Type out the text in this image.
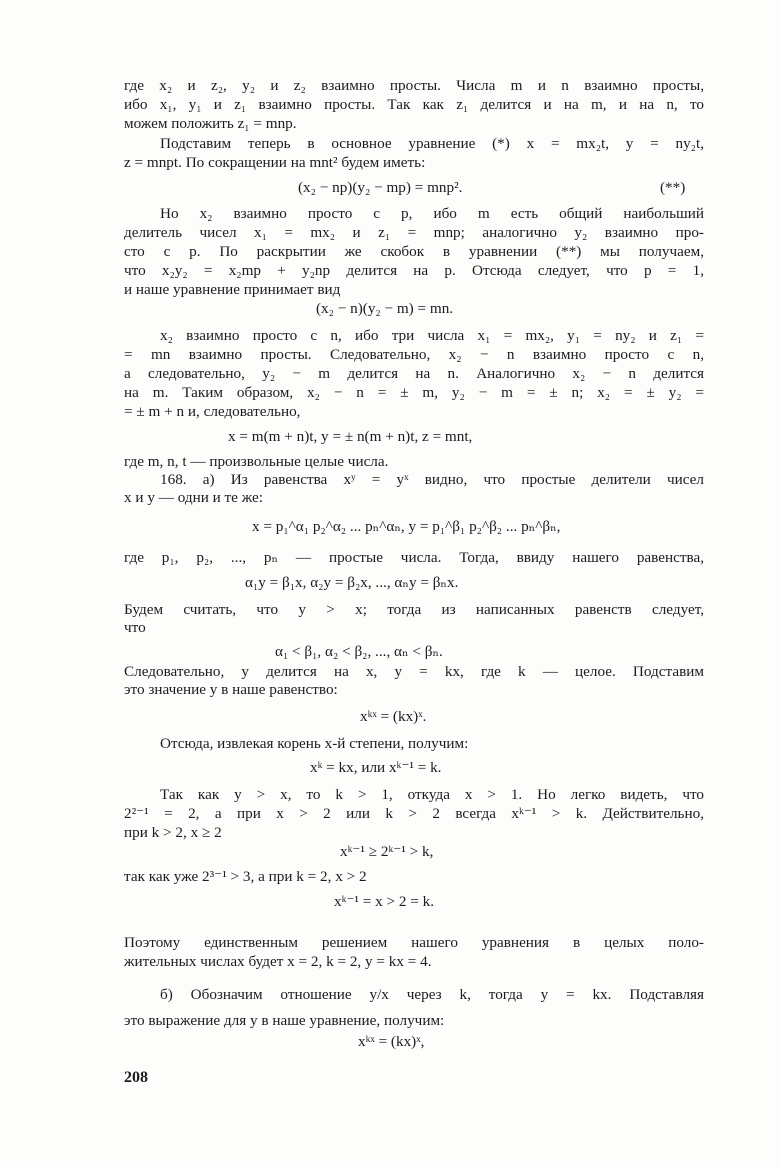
где x₂ и z₂, y₂ и z₂ взаимно просты. Числа m и n взаимно просты,
ибо x₁, y₁ и z₁ взаимно просты. Так как z₁ делится и на m, и на n, то
можем положить z₁ = mnp.
Подставим теперь в основное уравнение (*) x = mx₂t, y = ny₂t,
z = mnpt. По сокращении на mnt² будем иметь:
(x₂ − np)(y₂ − mp) = mnp².	(**)
Но x₂ взаимно просто с p, ибо m есть общий наибольший
делитель чисел x₁ = mx₂ и z₁ = mnp; аналогично y₂ взаимно про-
сто с p. По раскрытии же скобок в уравнении (**) мы получаем,
что x₂y₂ = x₂mp + y₂np делится на p. Отсюда следует, что p = 1,
и наше уравнение принимает вид
(x₂ − n)(y₂ − m) = mn.
x₂ взаимно просто с n, ибо три числа x₁ = mx₂, y₁ = ny₂ и z₁ =
= mn взаимно просты. Следовательно, x₂ − n взаимно просто с n,
а следовательно, y₂ − m делится на n. Аналогично x₂ − n делится
на m. Таким образом, x₂ − n = ± m, y₂ − m = ± n; x₂ = ± y₂ =
= ± m + n и, следовательно,
x = m(m + n)t, y = ± n(m + n)t, z = mnt,
где m, n, t — произвольные целые числа.
168. а) Из равенства xʸ = yˣ видно, что простые делители чисел
x и y — одни и те же:
x = p₁^α₁ p₂^α₂ ... pₙ^αₙ, y = p₁^β₁ p₂^β₂ ... pₙ^βₙ,
где p₁, p₂, ..., pₙ — простые числа. Тогда, ввиду нашего равенства,
α₁y = β₁x, α₂y = β₂x, ..., αₙy = βₙx.
Будем считать, что y > x; тогда из написанных равенств следует,
что
α₁ < β₁, α₂ < β₂, ..., αₙ < βₙ.
Следовательно, y делится на x, y = kx, где k — целое. Подставим
это значение y в наше равенство:
xᵏˣ = (kx)ˣ.
Отсюда, извлекая корень x-й степени, получим:
xᵏ = kx, или xᵏ⁻¹ = k.
Так как y > x, то k > 1, откуда x > 1. Но легко видеть, что
2²⁻¹ = 2, а при x > 2 или k > 2 всегда xᵏ⁻¹ > k. Действительно,
при k > 2, x ≥ 2
xᵏ⁻¹ ≥ 2ᵏ⁻¹ > k,
так как уже 2³⁻¹ > 3, а при k = 2, x > 2
xᵏ⁻¹ = x > 2 = k.
Поэтому единственным решением нашего уравнения в целых поло-
жительных числах будет x = 2, k = 2, y = kx = 4.
б) Обозначим отношение y/x через k, тогда y = kx. Подставляя
это выражение для y в наше уравнение, получим:
xᵏˣ = (kx)ˣ,
208
